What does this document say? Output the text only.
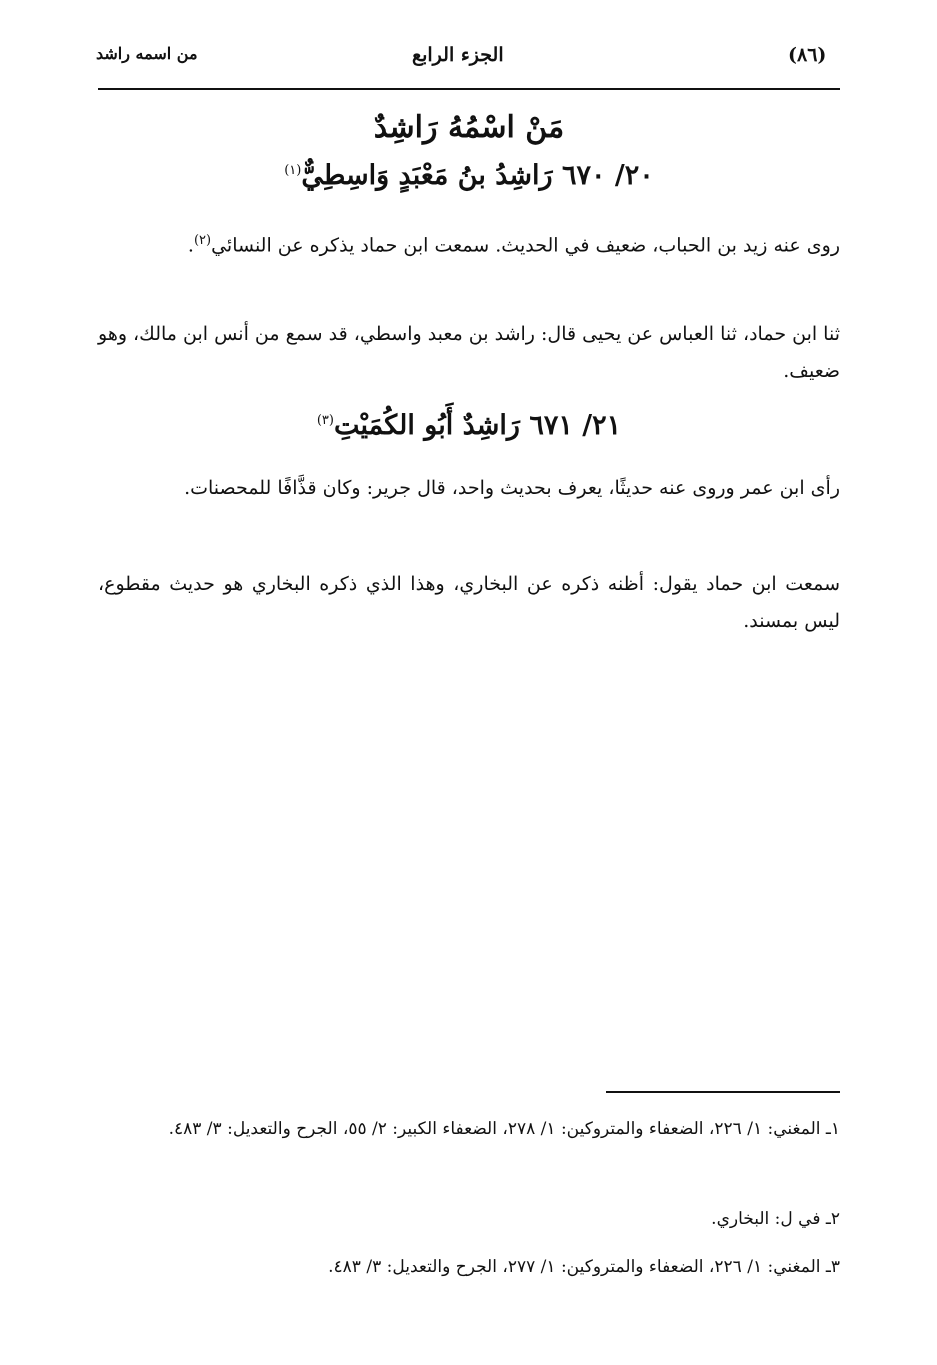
(٨٦)
الجزء الرابع
من اسمه راشد
مَنْ اسْمُهُ رَاشِدٌ
٢٠/ ٦٧٠ رَاشِدُ بنُ مَعْبَدٍ وَاسِطِيٌّ$^{(١)}$

روى عنه زيد بن الحباب، ضعيف في الحديث. سمعت ابن حماد يذكره عن النسائي$^{(٢)}$.

ثنا ابن حماد، ثنا العباس عن يحيى قال: راشد بن معبد واسطي، قد سمع من أنس ابن مالك، وهو ضعيف.

٢١/ ٦٧١ رَاشِدٌ أَبُو الكُمَيْتِ$^{(٣)}$

رأى ابن عمر وروى عنه حديثًا، يعرف بحديث واحد، قال جرير: وكان قذَّافًا للمحصنات.

سمعت ابن حماد يقول: أظنه ذكره عن البخاري، وهذا الذي ذكره البخاري هو حديث مقطوع، ليس بمسند.

١ـ المغني: ١/ ٢٢٦، الضعفاء والمتروكين: ١/ ٢٧٨، الضعفاء الكبير: ٢/ ٥٥، الجرح والتعديل: ٣/ ٤٨٣.

٢ـ في ل: البخاري.

٣ـ المغني: ١/ ٢٢٦، الضعفاء والمتروكين: ١/ ٢٧٧، الجرح والتعديل: ٣/ ٤٨٣.
